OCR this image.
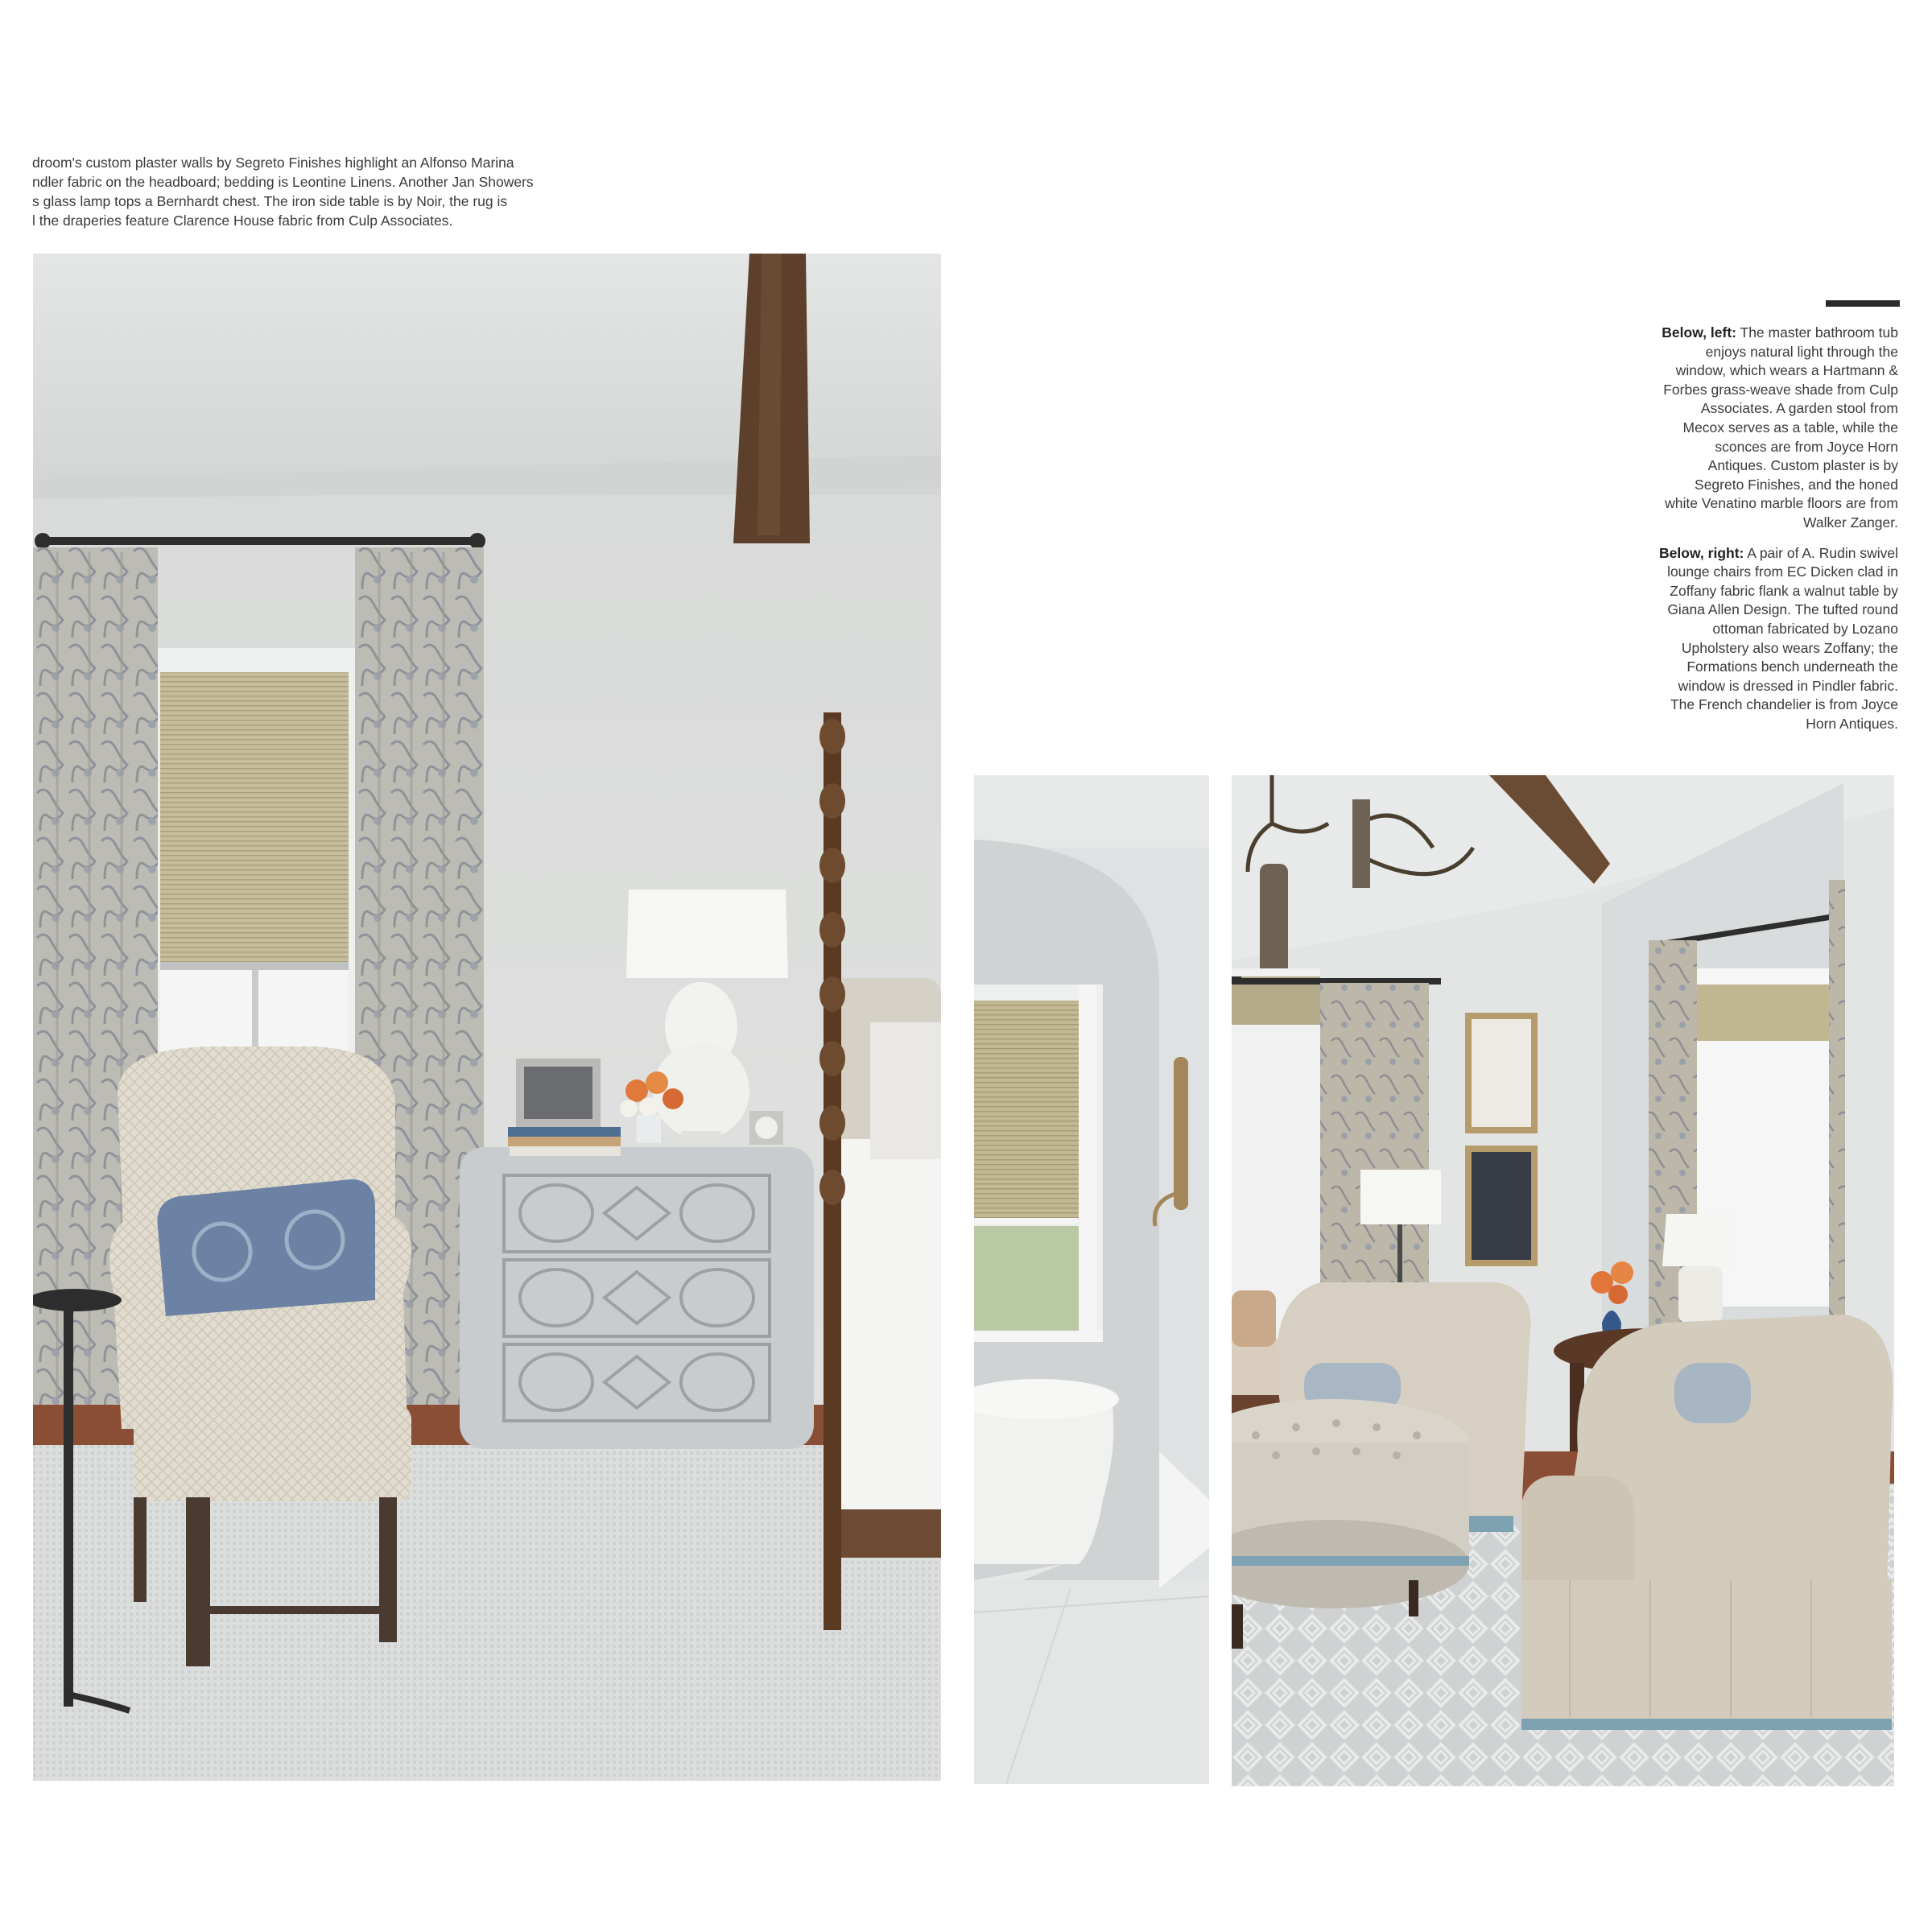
droom's custom plaster walls by Segreto Finishes highlight an Alfonso Marina
ndler fabric on the headboard; bedding is Leontine Linens. Another Jan Showers
s glass lamp tops a Bernhardt chest. The iron side table is by Noir, the rug is
l the draperies feature Clarence House fabric from Culp Associates.

Below, left: The master bathroom tub enjoys natural light through the window, which wears a Hartmann & Forbes grass-weave shade from Culp Associates. A garden stool from Mecox serves as a table, while the sconces are from Joyce Horn Antiques. Custom plaster is by Segreto Finishes, and the honed white Venatino marble floors are from Walker Zanger.

Below, right: A pair of A. Rudin swivel lounge chairs from EC Dicken clad in Zoffany fabric flank a walnut table by Giana Allen Design. The tufted round ottoman fabricated by Lozano Upholstery also wears Zoffany; the Formations bench underneath the window is dressed in Pindler fabric. The French chandelier is from Joyce Horn Antiques.
